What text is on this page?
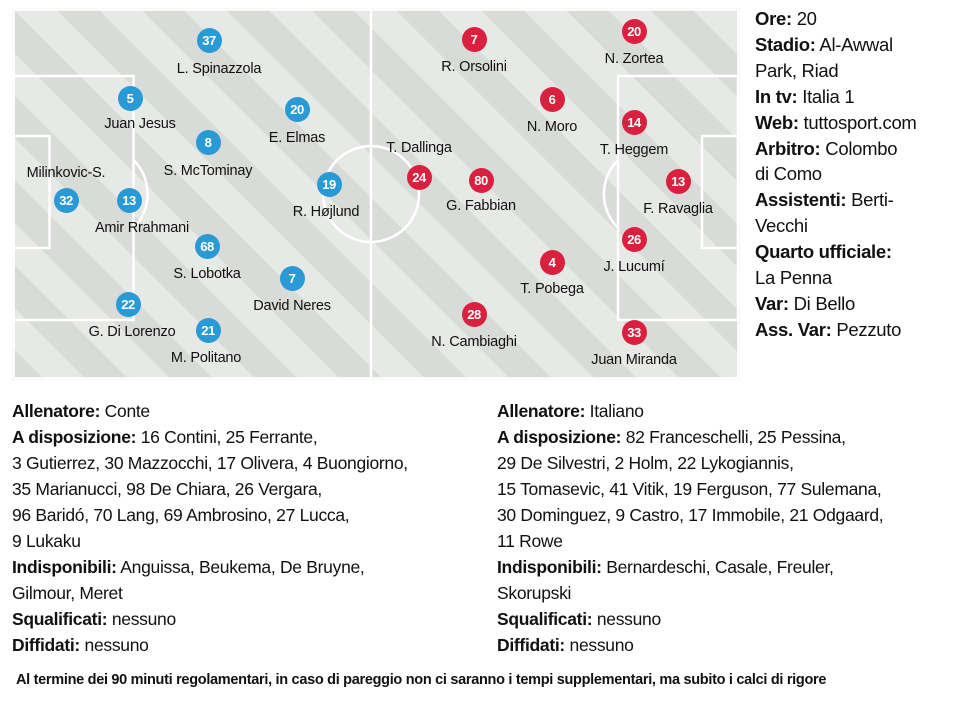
37
L. Spinazzola
5
Juan Jesus
20
E. Elmas
8
S. McTominay
32
Milinkovic-S.
13
Amir Rrahmani
19
R. Højlund
68
S. Lobotka	7
David Neres
22
G. Di Lorenzo	21
M. Politano
7
R. Orsolini
20
N. Zortea
6
N. Moro	14
T. Heggem
24
T. Dallinga
80
G. Fabbian
13
F. Ravaglia
26
J. Lucumí
4
T. Pobega
28
N. Cambiaghi
33
Juan Miranda
Ore: 20
Stadio: Al-Awwal
Park, Riad
In tv: Italia 1
Web: tuttosport.com
Arbitro: Colombo
di Como
Assistenti: Berti-
Vecchi
Quarto ufficiale:
La Penna
Var: Di Bello
Ass. Var: Pezzuto
Allenatore: Conte
A disposizione: 16 Contini, 25 Ferrante,
3 Gutierrez, 30 Mazzocchi, 17 Olivera, 4 Buongiorno,
35 Marianucci, 98 De Chiara, 26 Vergara,
96 Baridó, 70 Lang, 69 Ambrosino, 27 Lucca,
9 Lukaku
Indisponibili: Anguissa, Beukema, De Bruyne,
Gilmour, Meret
Squalificati: nessuno
Diffidati: nessuno
Allenatore: Italiano
A disposizione: 82 Franceschelli, 25 Pessina,
29 De Silvestri, 2 Holm, 22 Lykogiannis,
15 Tomasevic, 41 Vitik, 19 Ferguson, 77 Sulemana,
30 Dominguez, 9 Castro, 17 Immobile, 21 Odgaard,
11 Rowe
Indisponibili: Bernardeschi, Casale, Freuler,
Skorupski
Squalificati: nessuno
Diffidati: nessuno
Al termine dei 90 minuti regolamentari, in caso di pareggio non ci saranno i tempi supplementari, ma subito i calci di rigore
